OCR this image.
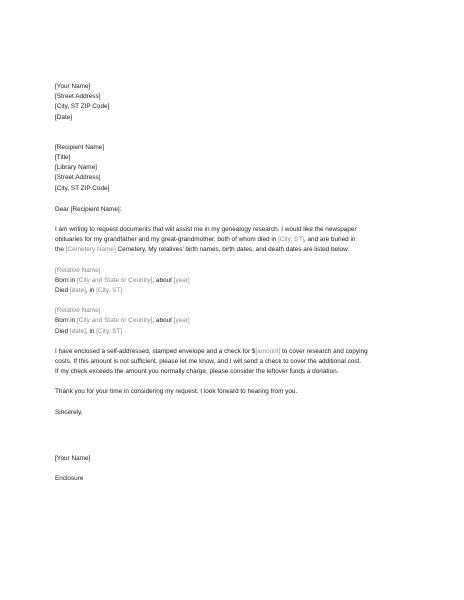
[Your Name]
[Street Address]
[City, ST ZIP Code]
[Date]
[Recipient Name]
[Title]
[Library Name]
[Street Address]
[City, ST ZIP Code]
Dear [Recipient Name]:
I am writing to request documents that will assist me in my genealogy research. I would like the newspaper
obituaries for my grandfather and my great-grandmother, both of whom died in [City, ST], and are buried in
the [Cemetery Name] Cemetery. My relatives’ birth names, birth dates, and death dates are listed below.
[Relative Name]
Born in [City and State or Country], about [year]
Died [date], in [City, ST]
[Relative Name]
Born in [City and State or Country], about [year]
Died [date], in [City, ST]
I have enclosed a self-addressed, stamped envelope and a check for $[amount] to cover research and copying
costs. If this amount is not sufficient, please let me know, and I will send a check to cover the additional cost.
If my check exceeds the amount you normally charge, please consider the leftover funds a donation.
Thank you for your time in considering my request. I look forward to hearing from you.
Sincerely,
[Your Name]
Enclosure
